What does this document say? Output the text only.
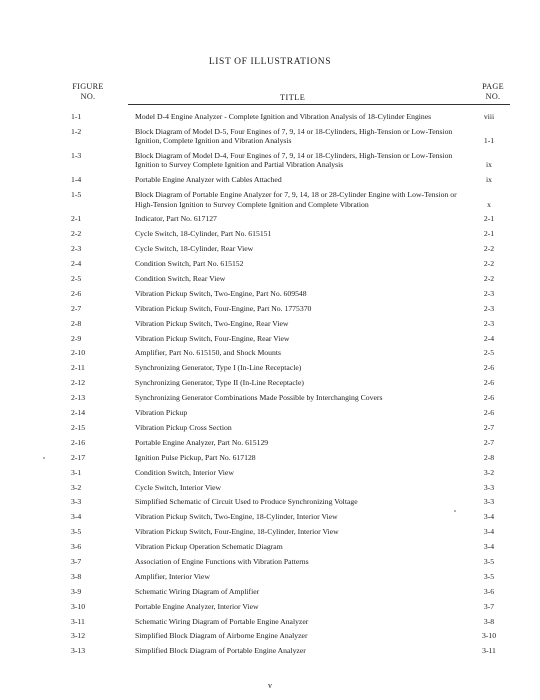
LIST OF ILLUSTRATIONS
FIGURE
NO.	TITLE
PAGE
NO.
1-1	Model D-4 Engine Analyzer - Complete Ignition and Vibration Analysis of 18-Cylinder Engines	viii
1-2	Block Diagram of Model D-5, Four Engines of 7, 9, 14 or 18-Cylinders, High-Tension or Low-Tension Ignition, Complete Ignition and Vibration Analysis	1-1
1-3	Block Diagram of Model D-4, Four Engines of 7, 9, 14 or 18-Cylinders, High-Tension or Low-Tension Ignition to Survey Complete Ignition and Partial Vibration Analysis	ix
1-4	Portable Engine Analyzer with Cables Attached	ix
1-5	Block Diagram of Portable Engine Analyzer for 7, 9, 14, 18 or 28-Cylinder Engine with Low-Tension or High-Tension Ignition to Survey Complete Ignition and Complete Vibration	x
2-1	Indicator, Part No. 617127	2-1
2-2	Cycle Switch, 18-Cylinder, Part No. 615151	2-1
2-3	Cycle Switch, 18-Cylinder, Rear View	2-2
2-4	Condition Switch, Part No. 615152	2-2
2-5	Condition Switch, Rear View	2-2
2-6	Vibration Pickup Switch, Two-Engine, Part No. 609548	2-3
2-7	Vibration Pickup Switch, Four-Engine, Part No. 1775370	2-3
2-8	Vibration Pickup Switch, Two-Engine, Rear View	2-3
2-9	Vibration Pickup Switch, Four-Engine, Rear View	2-4
2-10	Amplifier, Part No. 615150, and Shock Mounts	2-5
2-11	Synchronizing Generator, Type I (In-Line Receptacle)	2-6
2-12	Synchronizing Generator, Type II (In-Line Receptacle)	2-6
2-13	Synchronizing Generator Combinations Made Possible by Interchanging Covers	2-6
2-14	Vibration Pickup	2-6
2-15	Vibration Pickup Cross Section	2-7
2-16	Portable Engine Analyzer, Part No. 615129	2-7
2-17	Ignition Pulse Pickup, Part No. 617128	2-8
3-1	Condition Switch, Interior View	3-2
3-2	Cycle Switch, Interior View	3-3
3-3	Simplified Schematic of Circuit Used to Produce Synchronizing Voltage	3-3
3-4	Vibration Pickup Switch, Two-Engine, 18-Cylinder, Interior View	3-4
3-5	Vibration Pickup Switch, Four-Engine, 18-Cylinder, Interior View	3-4
3-6	Vibration Pickup Operation Schematic Diagram	3-4
3-7	Association of Engine Functions with Vibration Patterns	3-5
3-8	Amplifier, Interior View	3-5
3-9	Schematic Wiring Diagram of Amplifier	3-6
3-10	Portable Engine Analyzer, Interior View	3-7
3-11	Schematic Wiring Diagram of Portable Engine Analyzer	3-8
3-12	Simplified Block Diagram of Airborne Engine Analyzer	3-10
3-13	Simplified Block Diagram of Portable Engine Analyzer	3-11
v
